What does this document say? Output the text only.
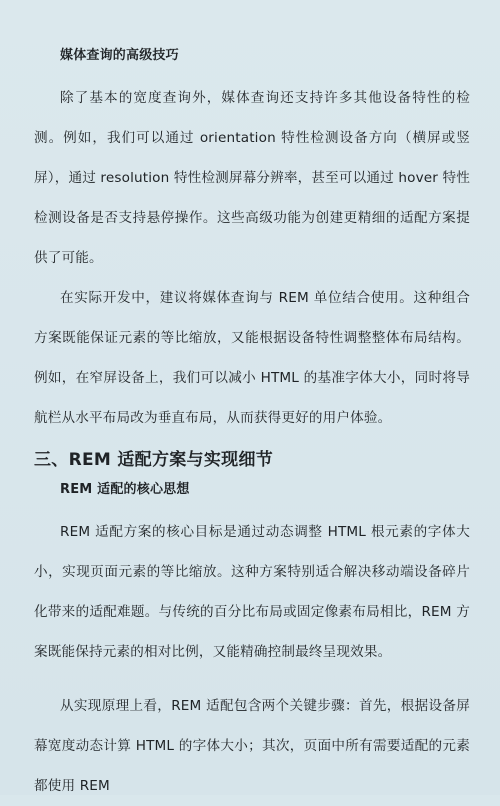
媒体查询的高级技巧

除了基本的宽度查询外，媒体查询还支持许多其他设备特性的检测。例如，我们可以通过 orientation 特性检测设备方向（横屏或竖屏），通过 resolution 特性检测屏幕分辨率，甚至可以通过 hover 特性检测设备是否支持悬停操作。这些高级功能为创建更精细的适配方案提供了可能。

在实际开发中，建议将媒体查询与 REM 单位结合使用。这种组合方案既能保证元素的等比缩放，又能根据设备特性调整整体布局结构。例如，在窄屏设备上，我们可以减小 HTML 的基准字体大小，同时将导航栏从水平布局改为垂直布局，从而获得更好的用户体验。

三、REM 适配方案与实现细节
REM 适配的核心思想

REM 适配方案的核心目标是通过动态调整 HTML 根元素的字体大小，实现页面元素的等比缩放。这种方案特别适合解决移动端设备碎片化带来的适配难题。与传统的百分比布局或固定像素布局相比，REM 方案既能保持元素的相对比例，又能精确控制最终呈现效果。

从实现原理上看，REM 适配包含两个关键步骤：首先，根据设备屏幕宽度动态计算 HTML 的字体大小；其次，页面中所有需要适配的元素都使用 REM
